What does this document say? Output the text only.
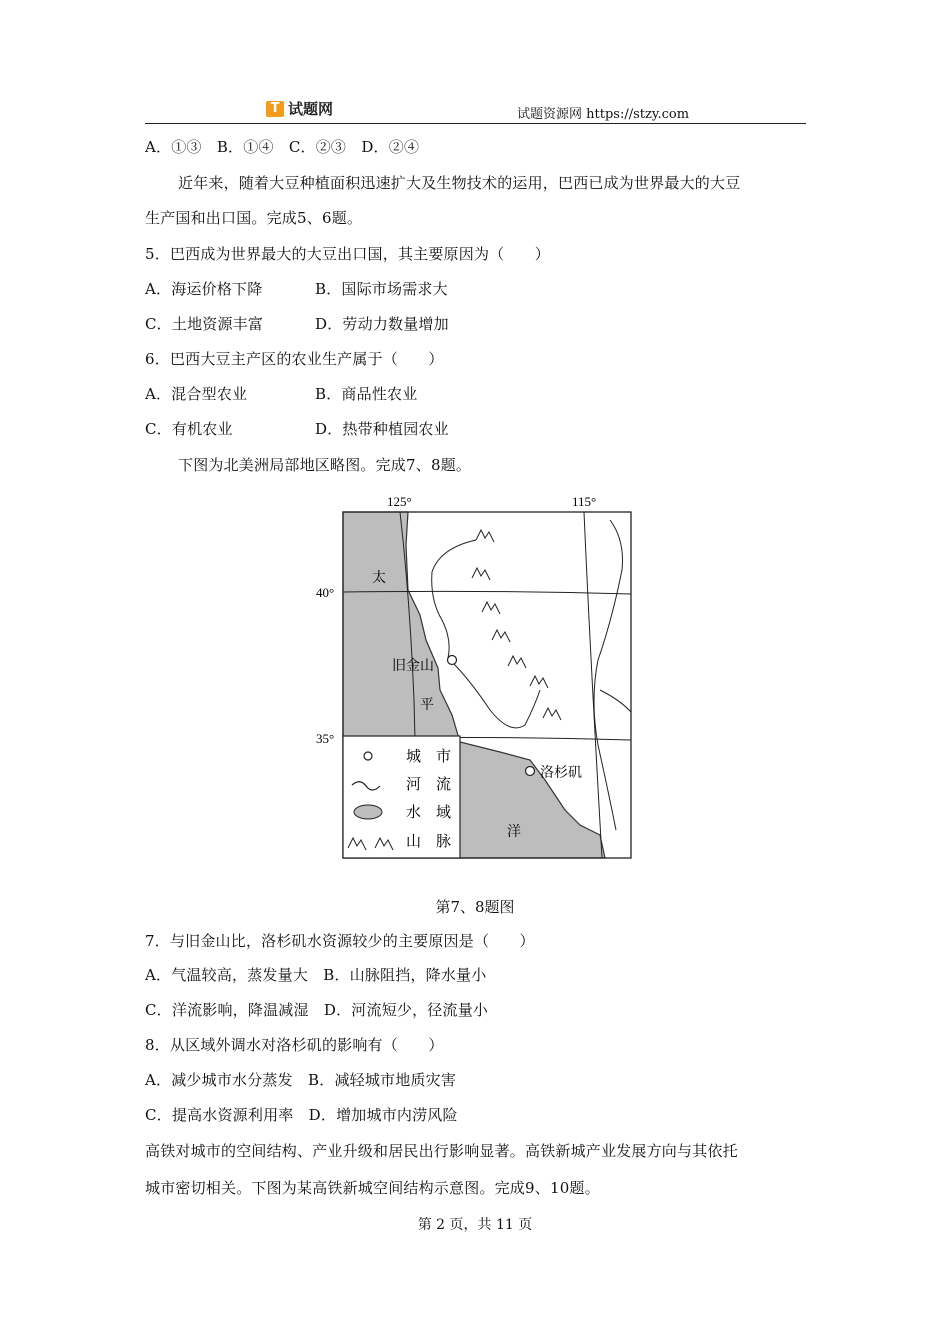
T 试题网	试题资源网 https://stzy.com
A．①③　B．①④　C．②③　D．②④
近年来，随着大豆种植面积迅速扩大及生物技术的运用，巴西已成为世界最大的大豆
生产国和出口国。完成5、6题。
5．巴西成为世界最大的大豆出口国，其主要原因为（　　）
A．海运价格下降	B．国际市场需求大
C．土地资源丰富	D．劳动力数量增加
6．巴西大豆主产区的农业生产属于（　　）
A．混合型农业	B．商品性农业
C．有机农业	D．热带种植园农业
下图为北美洲局部地区略图。完成7、8题。
125°	115°
40°
35°
太
平
洋
旧金山
洛杉矶
城　市
河　流
水　域
山　脉
第7、8题图
7．与旧金山比，洛杉矶水资源较少的主要原因是（　　）
A．气温较高，蒸发量大　B．山脉阻挡，降水量小
C．洋流影响，降温减湿　D．河流短少，径流量小
8．从区域外调水对洛杉矶的影响有（　　）
A．减少城市水分蒸发　B．减轻城市地质灾害
C．提高水资源利用率　D．增加城市内涝风险
高铁对城市的空间结构、产业升级和居民出行影响显著。高铁新城产业发展方向与其依托
城市密切相关。下图为某高铁新城空间结构示意图。完成9、10题。
第 2 页，共 11 页
